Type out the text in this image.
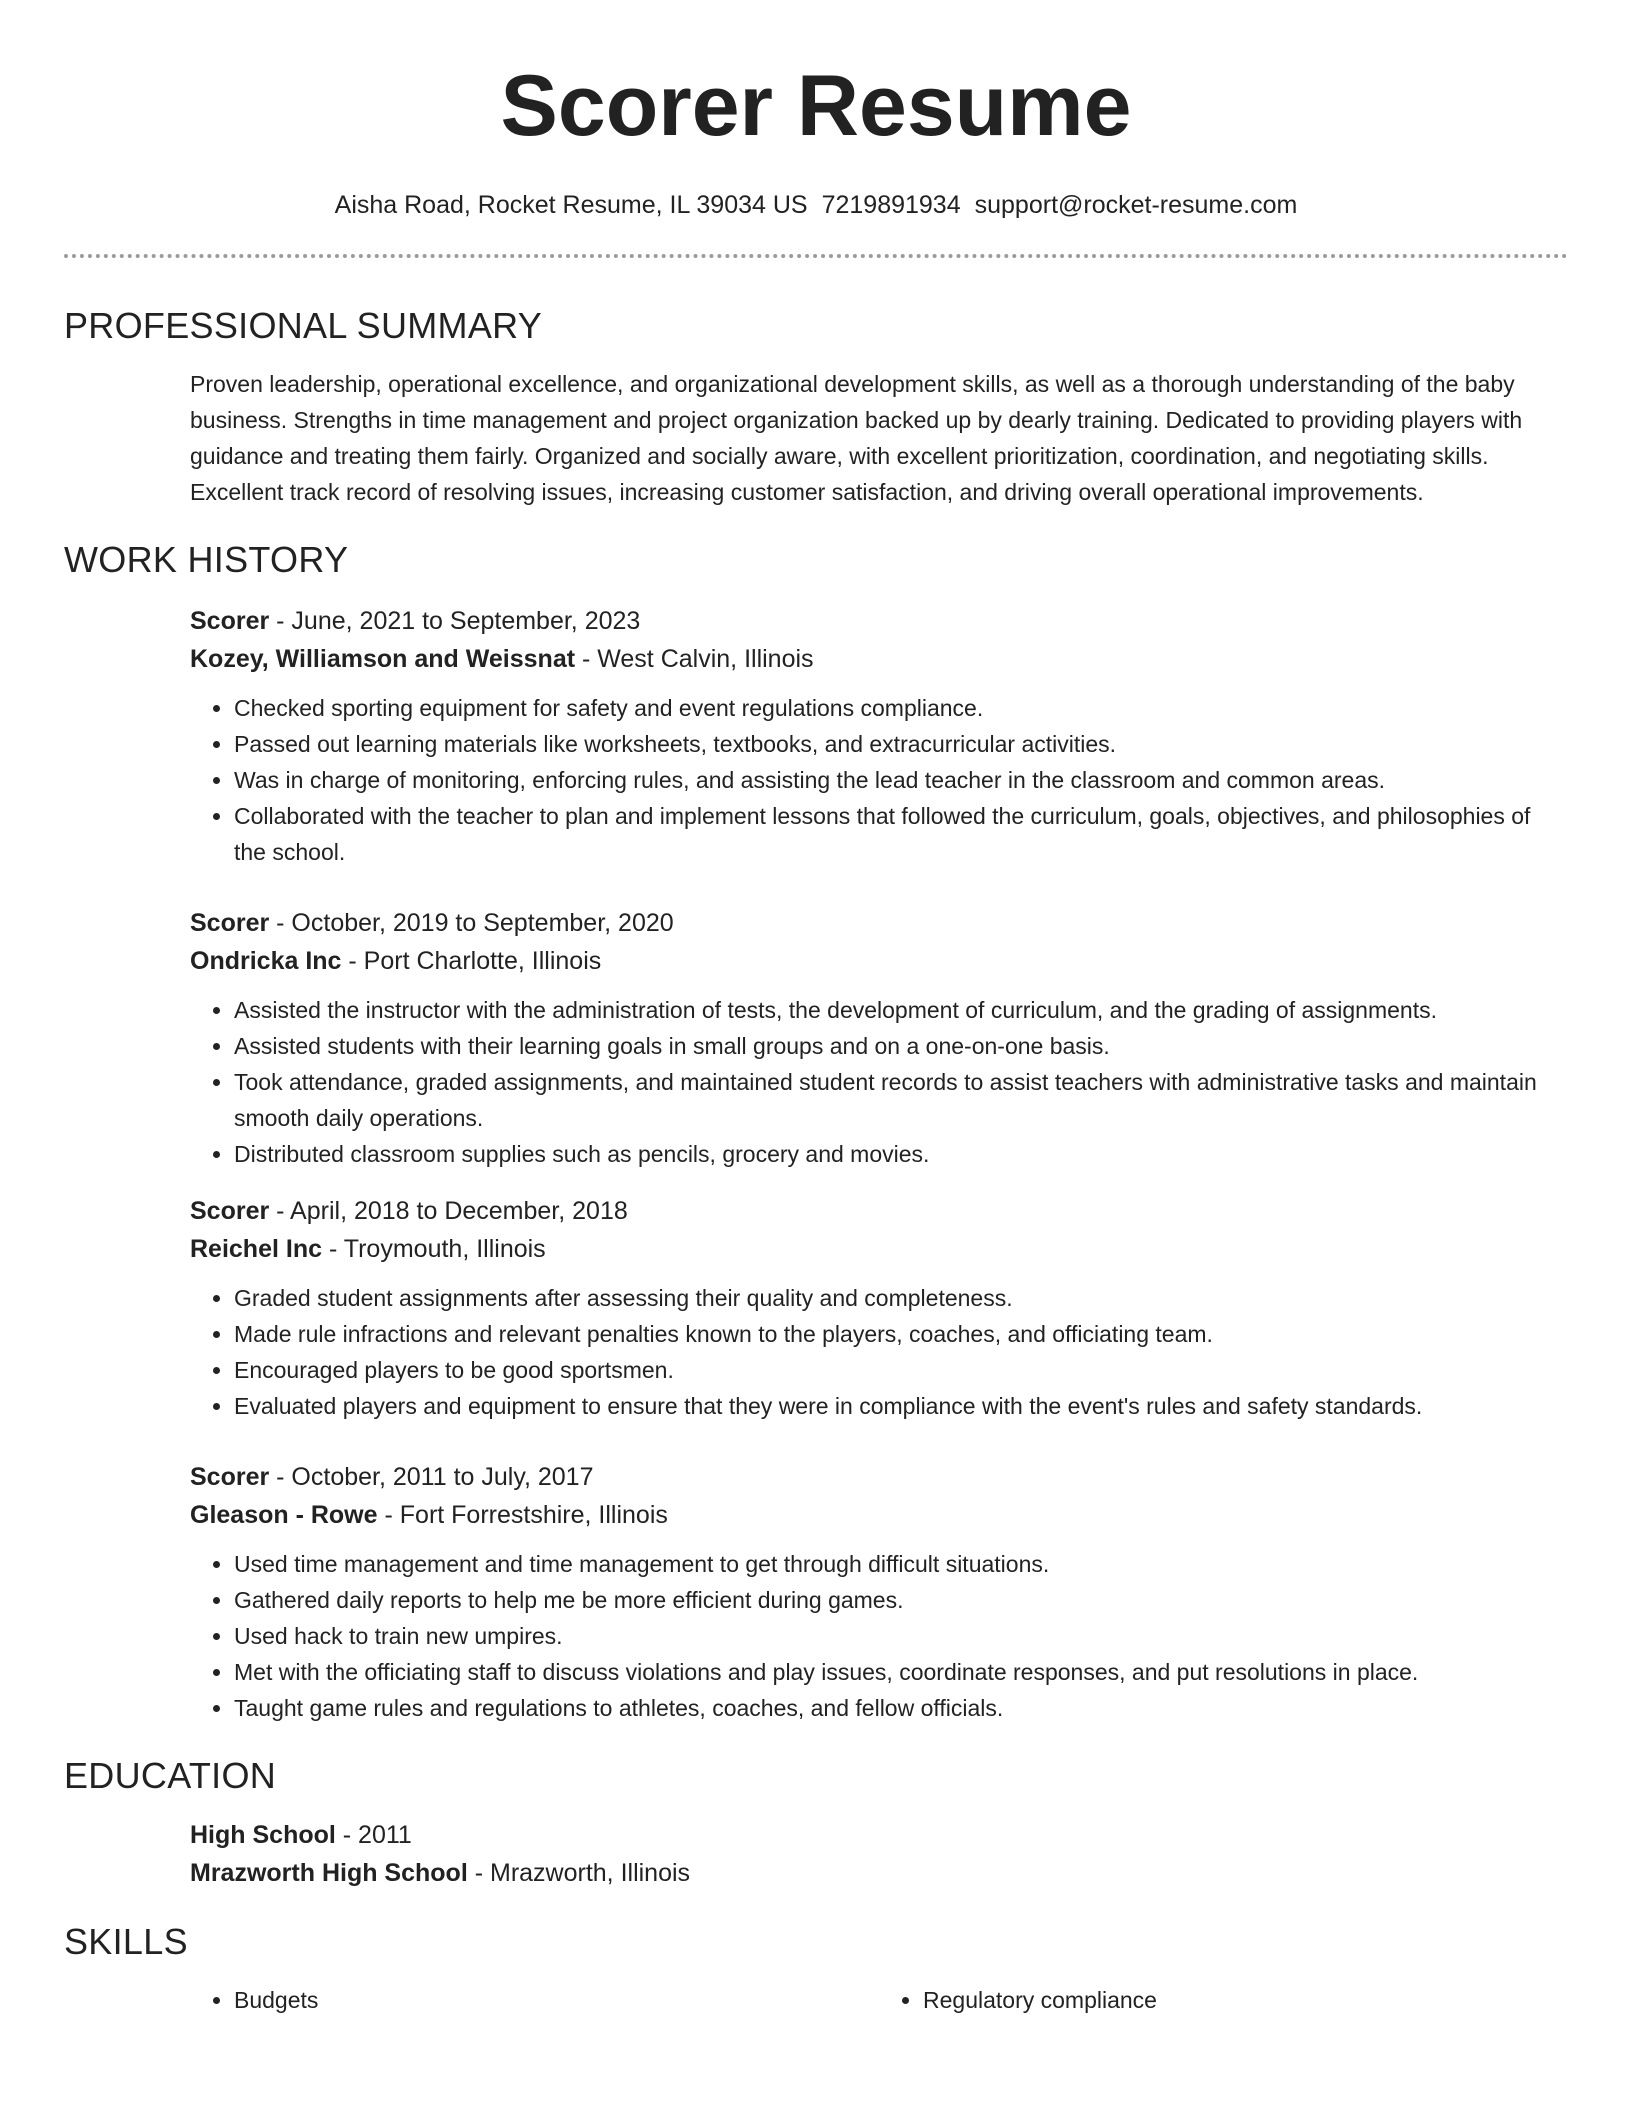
Scorer Resume
Aisha Road, Rocket Resume, IL 39034 US 7219891934 support@rocket-resume.com
PROFESSIONAL SUMMARY
Proven leadership, operational excellence, and organizational development skills, as well as a thorough understanding of the baby business. Strengths in time management and project organization backed up by dearly training. Dedicated to providing players with guidance and treating them fairly. Organized and socially aware, with excellent prioritization, coordination, and negotiating skills. Excellent track record of resolving issues, increasing customer satisfaction, and driving overall operational improvements.
WORK HISTORY
Scorer - June, 2021 to September, 2023
Kozey, Williamson and Weissnat - West Calvin, Illinois
• Checked sporting equipment for safety and event regulations compliance.
• Passed out learning materials like worksheets, textbooks, and extracurricular activities.
• Was in charge of monitoring, enforcing rules, and assisting the lead teacher in the classroom and common areas.
• Collaborated with the teacher to plan and implement lessons that followed the curriculum, goals, objectives, and philosophies of the school.
Scorer - October, 2019 to September, 2020
Ondricka Inc - Port Charlotte, Illinois
• Assisted the instructor with the administration of tests, the development of curriculum, and the grading of assignments.
• Assisted students with their learning goals in small groups and on a one-on-one basis.
• Took attendance, graded assignments, and maintained student records to assist teachers with administrative tasks and maintain smooth daily operations.
• Distributed classroom supplies such as pencils, grocery and movies.
Scorer - April, 2018 to December, 2018
Reichel Inc - Troymouth, Illinois
• Graded student assignments after assessing their quality and completeness.
• Made rule infractions and relevant penalties known to the players, coaches, and officiating team.
• Encouraged players to be good sportsmen.
• Evaluated players and equipment to ensure that they were in compliance with the event's rules and safety standards.
Scorer - October, 2011 to July, 2017
Gleason - Rowe - Fort Forrestshire, Illinois
• Used time management and time management to get through difficult situations.
• Gathered daily reports to help me be more efficient during games.
• Used hack to train new umpires.
• Met with the officiating staff to discuss violations and play issues, coordinate responses, and put resolutions in place.
• Taught game rules and regulations to athletes, coaches, and fellow officials.
EDUCATION
High School - 2011
Mrazworth High School - Mrazworth, Illinois
SKILLS
• Budgets
•	Regulatory compliance
